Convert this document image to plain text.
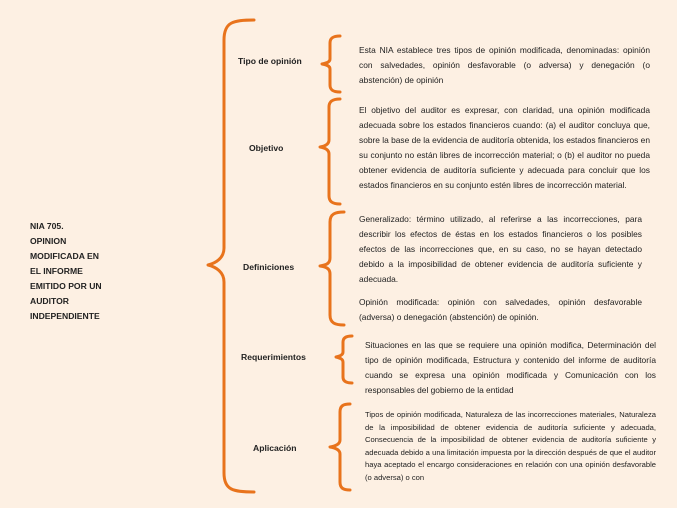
NIA 705.
OPINION
MODIFICADA EN
EL INFORME
EMITIDO POR UN
AUDITOR
INDEPENDIENTE
Tipo de opinión
Objetivo
Definiciones
Requerimientos
Aplicación

Esta NIA establece tres tipos de opinión modificada, denominadas: opinión con salvedades, opinión desfavorable (o adversa) y denegación (o abstención) de opinión

El objetivo del auditor es expresar, con claridad, una opinión modificada adecuada sobre los estados financieros cuando: (a) el auditor concluya que, sobre la base de la evidencia de auditoría obtenida, los estados financieros en su conjunto no están libres de incorrección material; o (b) el auditor no pueda obtener evidencia de auditoría suficiente y adecuada para concluir que los estados financieros en su conjunto estén libres de incorrección material.

Generalizado: término utilizado, al referirse a las incorrecciones, para describir los efectos de éstas en los estados financieros o los posibles efectos de las incorrecciones que, en su caso, no se hayan detectado debido a la imposibilidad de obtener evidencia de auditoría suficiente y adecuada.

Opinión modificada: opinión con salvedades, opinión desfavorable (adversa) o denegación (abstención) de opinión.

Situaciones en las que se requiere una opinión modifica, Determinación del tipo de opinión modificada, Estructura y contenido del informe de auditoría cuando se expresa una opinión modificada y Comunicación con los responsables del gobierno de la entidad

Tipos de opinión modificada, Naturaleza de las incorrecciones materiales, Naturaleza de la imposibilidad de obtener evidencia de auditoría suficiente y adecuada, Consecuencia de la imposibilidad de obtener evidencia de auditoría suficiente y adecuada debido a una limitación impuesta por la dirección después de que el auditor haya aceptado el encargo consideraciones en relación con una opinión desfavorable (o adversa) o con
